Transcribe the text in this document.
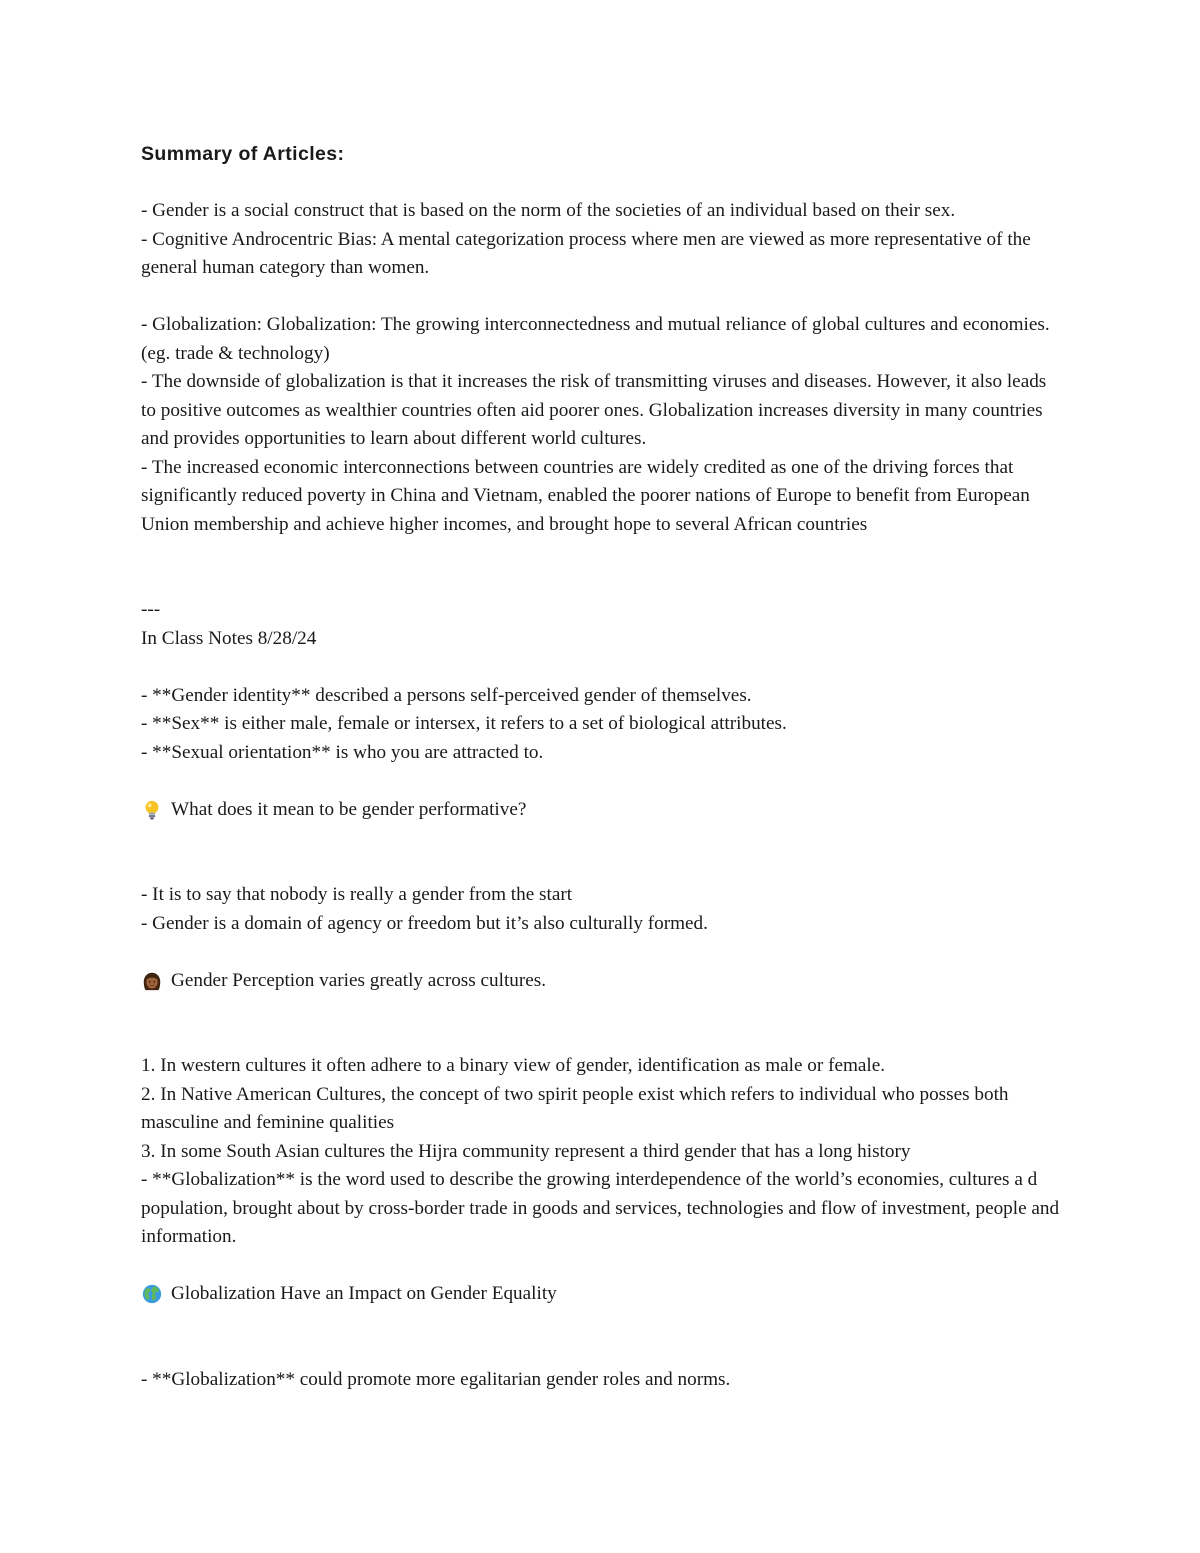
Summary of Articles:

- Gender is a social construct that is based on the norm of the societies of an individual based on their sex.

- Cognitive Androcentric Bias: A mental categorization process where men are viewed as more representative of the general human category than women.

- Globalization: Globalization: The growing interconnectedness and mutual reliance of global cultures and economies. (eg. trade & technology)

- The downside of globalization is that it increases the risk of transmitting viruses and diseases. However, it also leads to positive outcomes as wealthier countries often aid poorer ones. Globalization increases diversity in many countries and provides opportunities to learn about different world cultures.

- The increased economic interconnections between countries are widely credited as one of the driving forces that significantly reduced poverty in China and Vietnam, enabled the poorer nations of Europe to benefit from European Union membership and achieve higher incomes, and brought hope to several African countries

---

In Class Notes 8/28/24

- **Gender identity** described a persons self-perceived gender of themselves.

- **Sex** is either male, female or intersex, it refers to a set of biological attributes.

- **Sexual orientation** is who you are attracted to.

What does it mean to be gender performative?

- It is to say that nobody is really a gender from the start

- Gender is a domain of agency or freedom but it’s also culturally formed.

Gender Perception varies greatly across cultures.

1. In western cultures it often adhere to a binary view of gender, identification as male or female.

2. In Native American Cultures, the concept of two spirit people exist which refers to individual who posses both masculine and feminine qualities

3. In some South Asian cultures the Hijra community represent a third gender that has a long history

- **Globalization** is the word used to describe the growing interdependence of the world’s economies, cultures a d population, brought about by cross-border trade in goods and services, technologies and flow of investment, people and information.

Globalization Have an Impact on Gender Equality

- **Globalization** could promote more egalitarian gender roles and norms.
